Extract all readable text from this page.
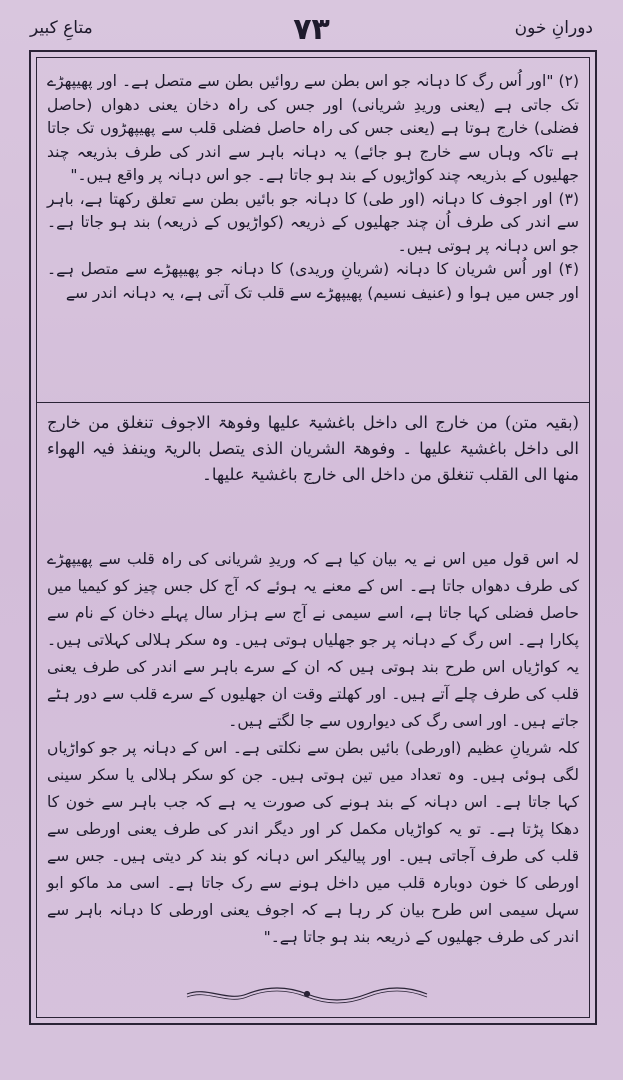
دورانِ خون
۷۳
متاعِ کبیر

(۲) "اور اُس رگ کا دہانہ جو اس بطن سے روائیں بطن سے متصل ہے۔ اور پھیپھڑے تک جاتی ہے (یعنی وریدِ شریانی) اور جس کی راہ دخان یعنی دھواں (حاصل فضلی) خارج ہوتا ہے (یعنی جس کی راہ حاصل فضلی قلب سے پھیپھڑوں تک جاتا ہے تاکہ وہاں سے خارج ہو جائے) یہ دہانہ باہر سے اندر کی طرف بذریعہ چند جھلیوں کے بذریعہ چند کواڑیوں کے بند ہو جاتا ہے۔ جو اس دہانہ پر واقع ہیں۔"

(۳) اور اجوف کا دہانہ (اور طی) کا دہانہ جو بائیں بطن سے تعلق رکھتا ہے، باہر سے اندر کی طرف اُن چند جھلیوں کے ذریعہ (کواڑیوں کے ذریعہ) بند ہو جاتا ہے۔ جو اس دہانہ پر ہوتی ہیں۔

(۴) اور اُس شریان کا دہانہ (شریانِ وریدی) کا دہانہ جو پھیپھڑے سے متصل ہے۔ اور جس میں ہوا و (عنیف نسیم) پھیپھڑے سے قلب تک آتی ہے، یہ دہانہ اندر سے

(بقیہ متن) من خارج الی داخل باغشیۃ علیھا وفوھۃ الاجوف تنغلق من خارج الی داخل باغشیۃ علیھا ۔ وفوھۃ الشریان الذی یتصل بالریۃ وینفذ فیہ الھواء منھا الی القلب تنغلق من داخل الی خارج باغشیۃ علیھا۔

لہ اس قول میں اس نے یہ بیان کیا ہے کہ وریدِ شریانی کی راہ قلب سے پھیپھڑے کی طرف دھواں جاتا ہے۔ اس کے معنے یہ ہوئے کہ آج کل جس چیز کو کیمیا میں حاصل فضلی کہا جاتا ہے، اسے سیمی نے آج سے ہزار سال پہلے دخان کے نام سے پکارا ہے۔ اس رگ کے دہانہ پر جو جھلیاں ہوتی ہیں۔ وہ سکر ہلالی کہلاتی ہیں۔ یہ کواڑیاں اس طرح بند ہوتی ہیں کہ ان کے سرے باہر سے اندر کی طرف یعنی قلب کی طرف چلے آتے ہیں۔ اور کھلتے وقت ان جھلیوں کے سرے قلب سے دور ہٹے جاتے ہیں۔ اور اسی رگ کی دیواروں سے جا لگتے ہیں۔

کلہ شریانِ عظیم (اورطی) بائیں بطن سے نکلتی ہے۔ اس کے دہانہ پر جو کواڑیاں لگی ہوئی ہیں۔ وہ تعداد میں تین ہوتی ہیں۔ جن کو سکر ہلالی یا سکر سینی کہا جاتا ہے۔ اس دہانہ کے بند ہونے کی صورت یہ ہے کہ جب باہر سے خون کا دھکا پڑتا ہے۔ تو یہ کواڑیاں مکمل کر اور دیگر اندر کی طرف یعنی اورطی سے قلب کی طرف آجاتی ہیں۔ اور پیالیکر اس دہانہ کو بند کر دیتی ہیں۔ جس سے اورطی کا خون دوبارہ قلب میں داخل ہونے سے رک جاتا ہے۔ اسی مد ماکو ابو سہل سیمی اس طرح بیان کر رہا ہے کہ اجوف یعنی اورطی کا دہانہ باہر سے اندر کی طرف جھلیوں کے ذریعہ بند ہو جاتا ہے۔"
